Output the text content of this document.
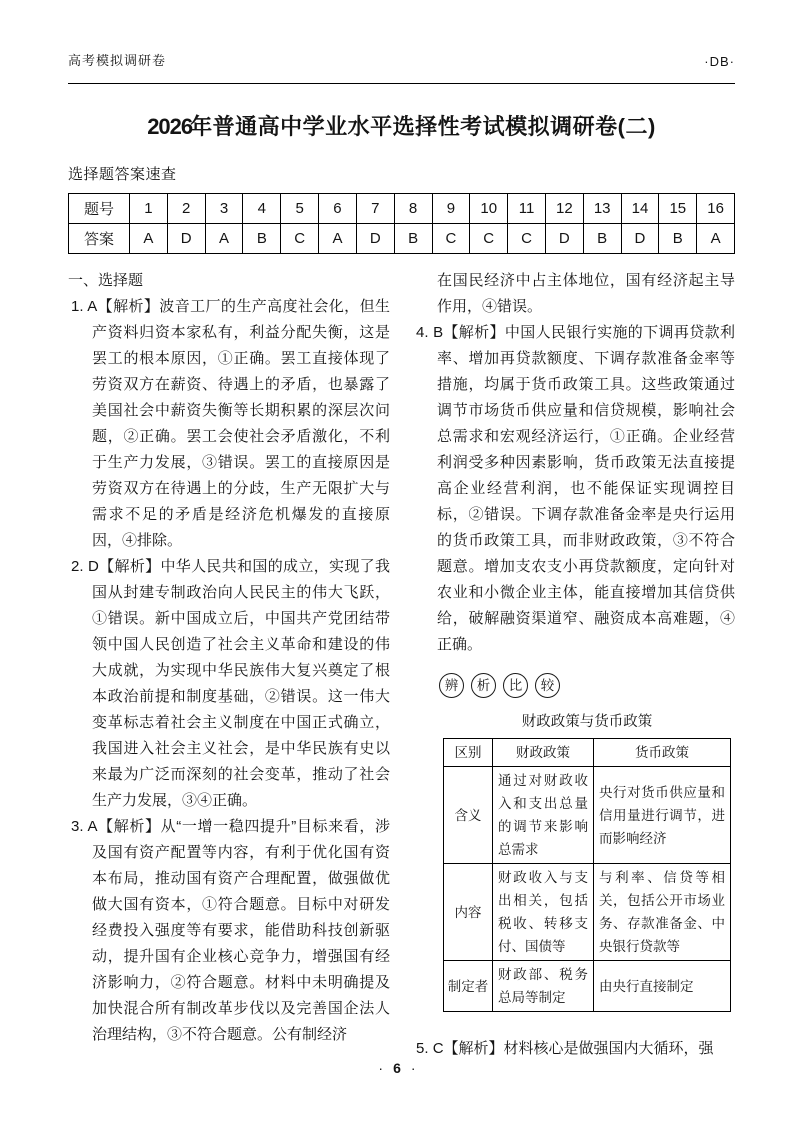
高考模拟调研卷	·DB·
2026年普通高中学业水平选择性考试模拟调研卷(二)
选择题答案速查
题号	1	2	3	4	5	6	7	8	9	10	11	12	13	14	15	16
答案	A	D	A	B	C	A	D	B	C	C	C	D	B	D	B	A

一、选择题

1. A【解析】波音工厂的生产高度社会化，但生产资料归资本家私有，利益分配失衡，这是罢工的根本原因，①正确。罢工直接体现了劳资双方在薪资、待遇上的矛盾，也暴露了美国社会中薪资失衡等长期积累的深层次问题，②正确。罢工会使社会矛盾激化，不利于生产力发展，③错误。罢工的直接原因是劳资双方在待遇上的分歧，生产无限扩大与需求不足的矛盾是经济危机爆发的直接原因，④排除。

2. D【解析】中华人民共和国的成立，实现了我国从封建专制政治向人民民主的伟大飞跃，①错误。新中国成立后，中国共产党团结带领中国人民创造了社会主义革命和建设的伟大成就，为实现中华民族伟大复兴奠定了根本政治前提和制度基础，②错误。这一伟大变革标志着社会主义制度在中国正式确立，我国进入社会主义社会，是中华民族有史以来最为广泛而深刻的社会变革，推动了社会生产力发展，③④正确。

3. A【解析】从“一增一稳四提升”目标来看，涉及国有资产配置等内容，有利于优化国有资本布局，推动国有资产合理配置，做强做优做大国有资本，①符合题意。目标中对研发经费投入强度等有要求，能借助科技创新驱动，提升国有企业核心竞争力，增强国有经济影响力，②符合题意。材料中未明确提及加快混合所有制改革步伐以及完善国企法人治理结构，③不符合题意。公有制经济

在国民经济中占主体地位，国有经济起主导作用，④错误。

4. B【解析】中国人民银行实施的下调再贷款利率、增加再贷款额度、下调存款准备金率等措施，均属于货币政策工具。这些政策通过调节市场货币供应量和信贷规模，影响社会总需求和宏观经济运行，①正确。企业经营利润受多种因素影响，货币政策无法直接提高企业经营利润，也不能保证实现调控目标，②错误。下调存款准备金率是央行运用的货币政策工具，而非财政政策，③不符合题意。增加支农支小再贷款额度，定向针对农业和小微企业主体，能直接增加其信贷供给，破解融资渠道窄、融资成本高难题，④正确。

辨	析	比	较
财政政策与货币政策
区别	财政政策	货币政策
含义	通过对财政收入和支出总量的调节来影响总需求	央行对货币供应量和信用量进行调节，进而影响经济
内容	财政收入与支出相关，包括税收、转移支付、国债等	与利率、信贷等相关，包括公开市场业务、存款准备金、中央银行贷款等
制定者	财政部、税务总局等制定	由央行直接制定

5. C【解析】材料核心是做强国内大循环，强

· 6 ·
